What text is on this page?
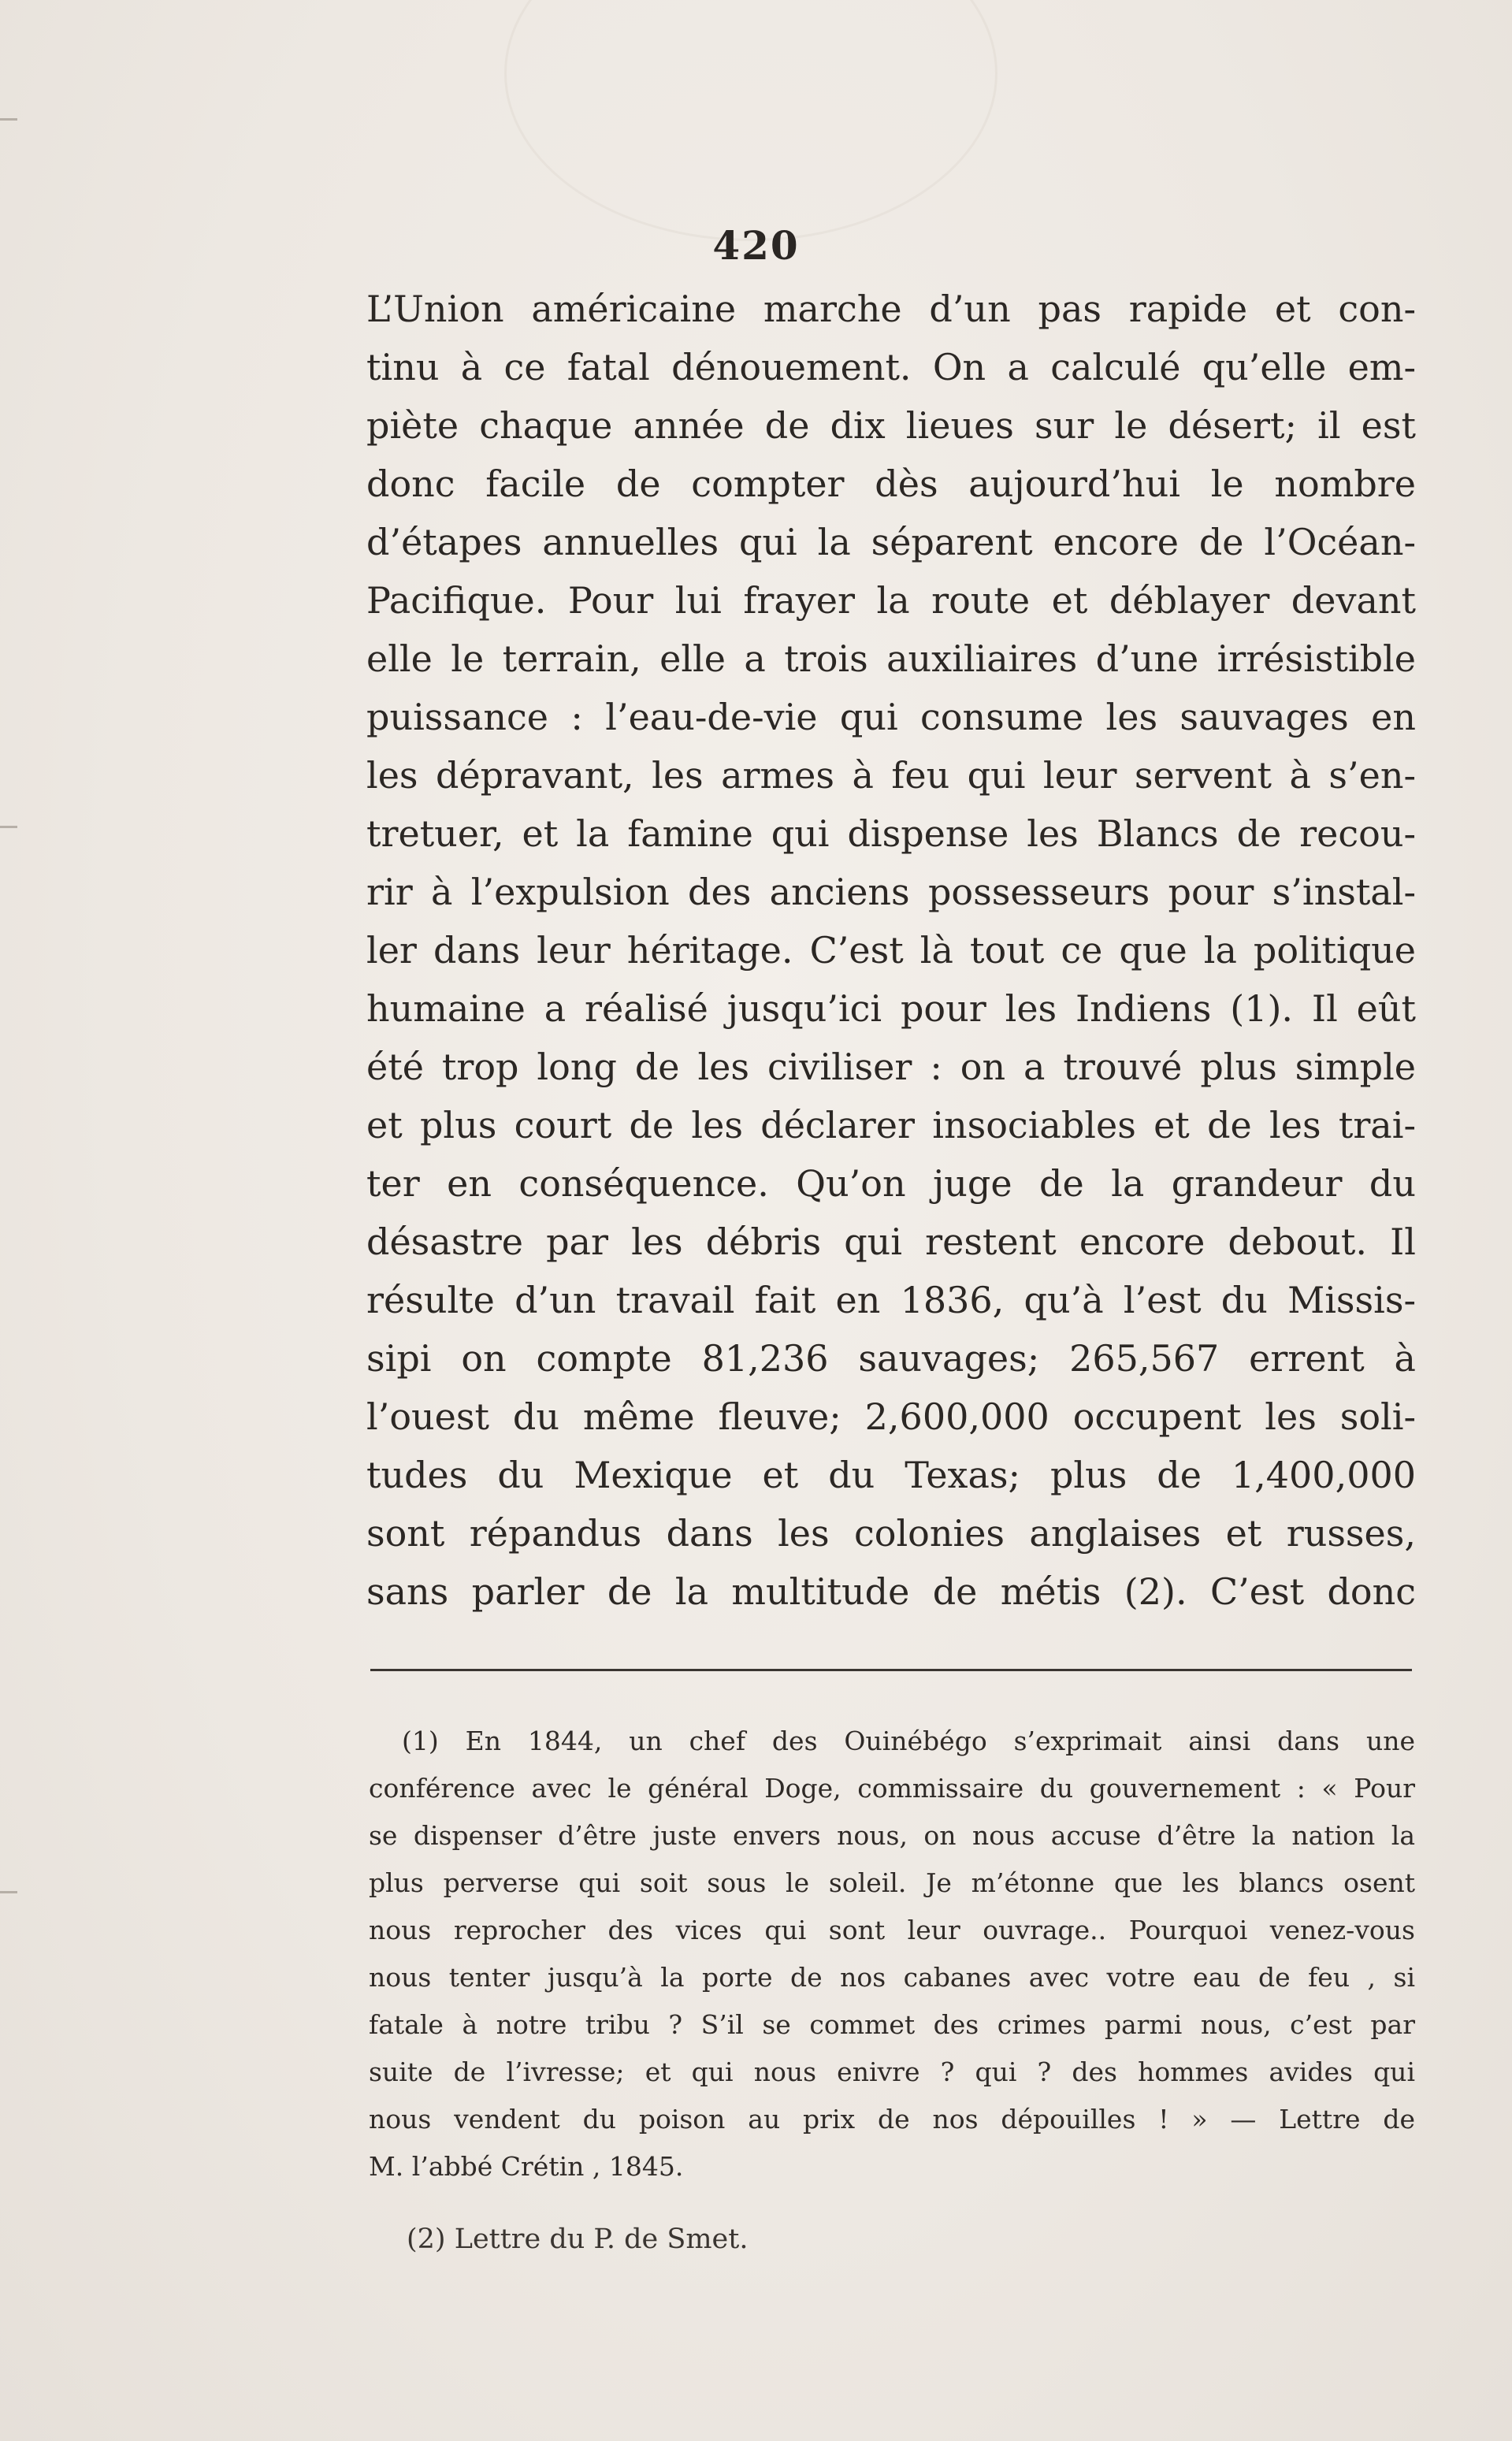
420
L’Union américaine marche d’un pas rapide et con-
tinu à ce fatal dénouement. On a calculé qu’elle em-
piète chaque année de dix lieues sur le désert; il est
donc facile de compter dès aujourd’hui le nombre
d’étapes annuelles qui la séparent encore de l’Océan-
Pacifique. Pour lui frayer la route et déblayer devant
elle le terrain, elle a trois auxiliaires d’une irrésistible
puissance : l’eau-de-vie qui consume les sauvages en
les dépravant, les armes à feu qui leur servent à s’en-
tretuer, et la famine qui dispense les Blancs de recou-
rir à l’expulsion des anciens possesseurs pour s’instal-
ler dans leur héritage. C’est là tout ce que la politique
humaine a réalisé jusqu’ici pour les Indiens (1). Il eût
été trop long de les civiliser : on a trouvé plus simple
et plus court de les déclarer insociables et de les trai-
ter en conséquence. Qu’on juge de la grandeur du
désastre par les débris qui restent encore debout. Il
résulte d’un travail fait en 1836, qu’à l’est du Missis-
sipi on compte 81,236 sauvages; 265,567 errent à
l’ouest du même fleuve; 2,600,000 occupent les soli-
tudes du Mexique et du Texas; plus de 1,400,000
sont répandus dans les colonies anglaises et russes,
sans parler de la multitude de métis (2). C’est donc
(1) En 1844, un chef des Ouinébégo s’exprimait ainsi dans une
conférence avec le général Doge, commissaire du gouvernement : « Pour
se dispenser d’être juste envers nous, on nous accuse d’être la nation la
plus perverse qui soit sous le soleil. Je m’étonne que les blancs osent
nous reprocher des vices qui sont leur ouvrage.. Pourquoi venez-vous
nous tenter jusqu’à la porte de nos cabanes avec votre eau de feu , si
fatale à notre tribu ? S’il se commet des crimes parmi nous, c’est par
suite de l’ivresse; et qui nous enivre ? qui ? des hommes avides qui
nous vendent du poison au prix de nos dépouilles ! » — Lettre de
M. l’abbé Crétin , 1845.
(2) Lettre du P. de Smet.
